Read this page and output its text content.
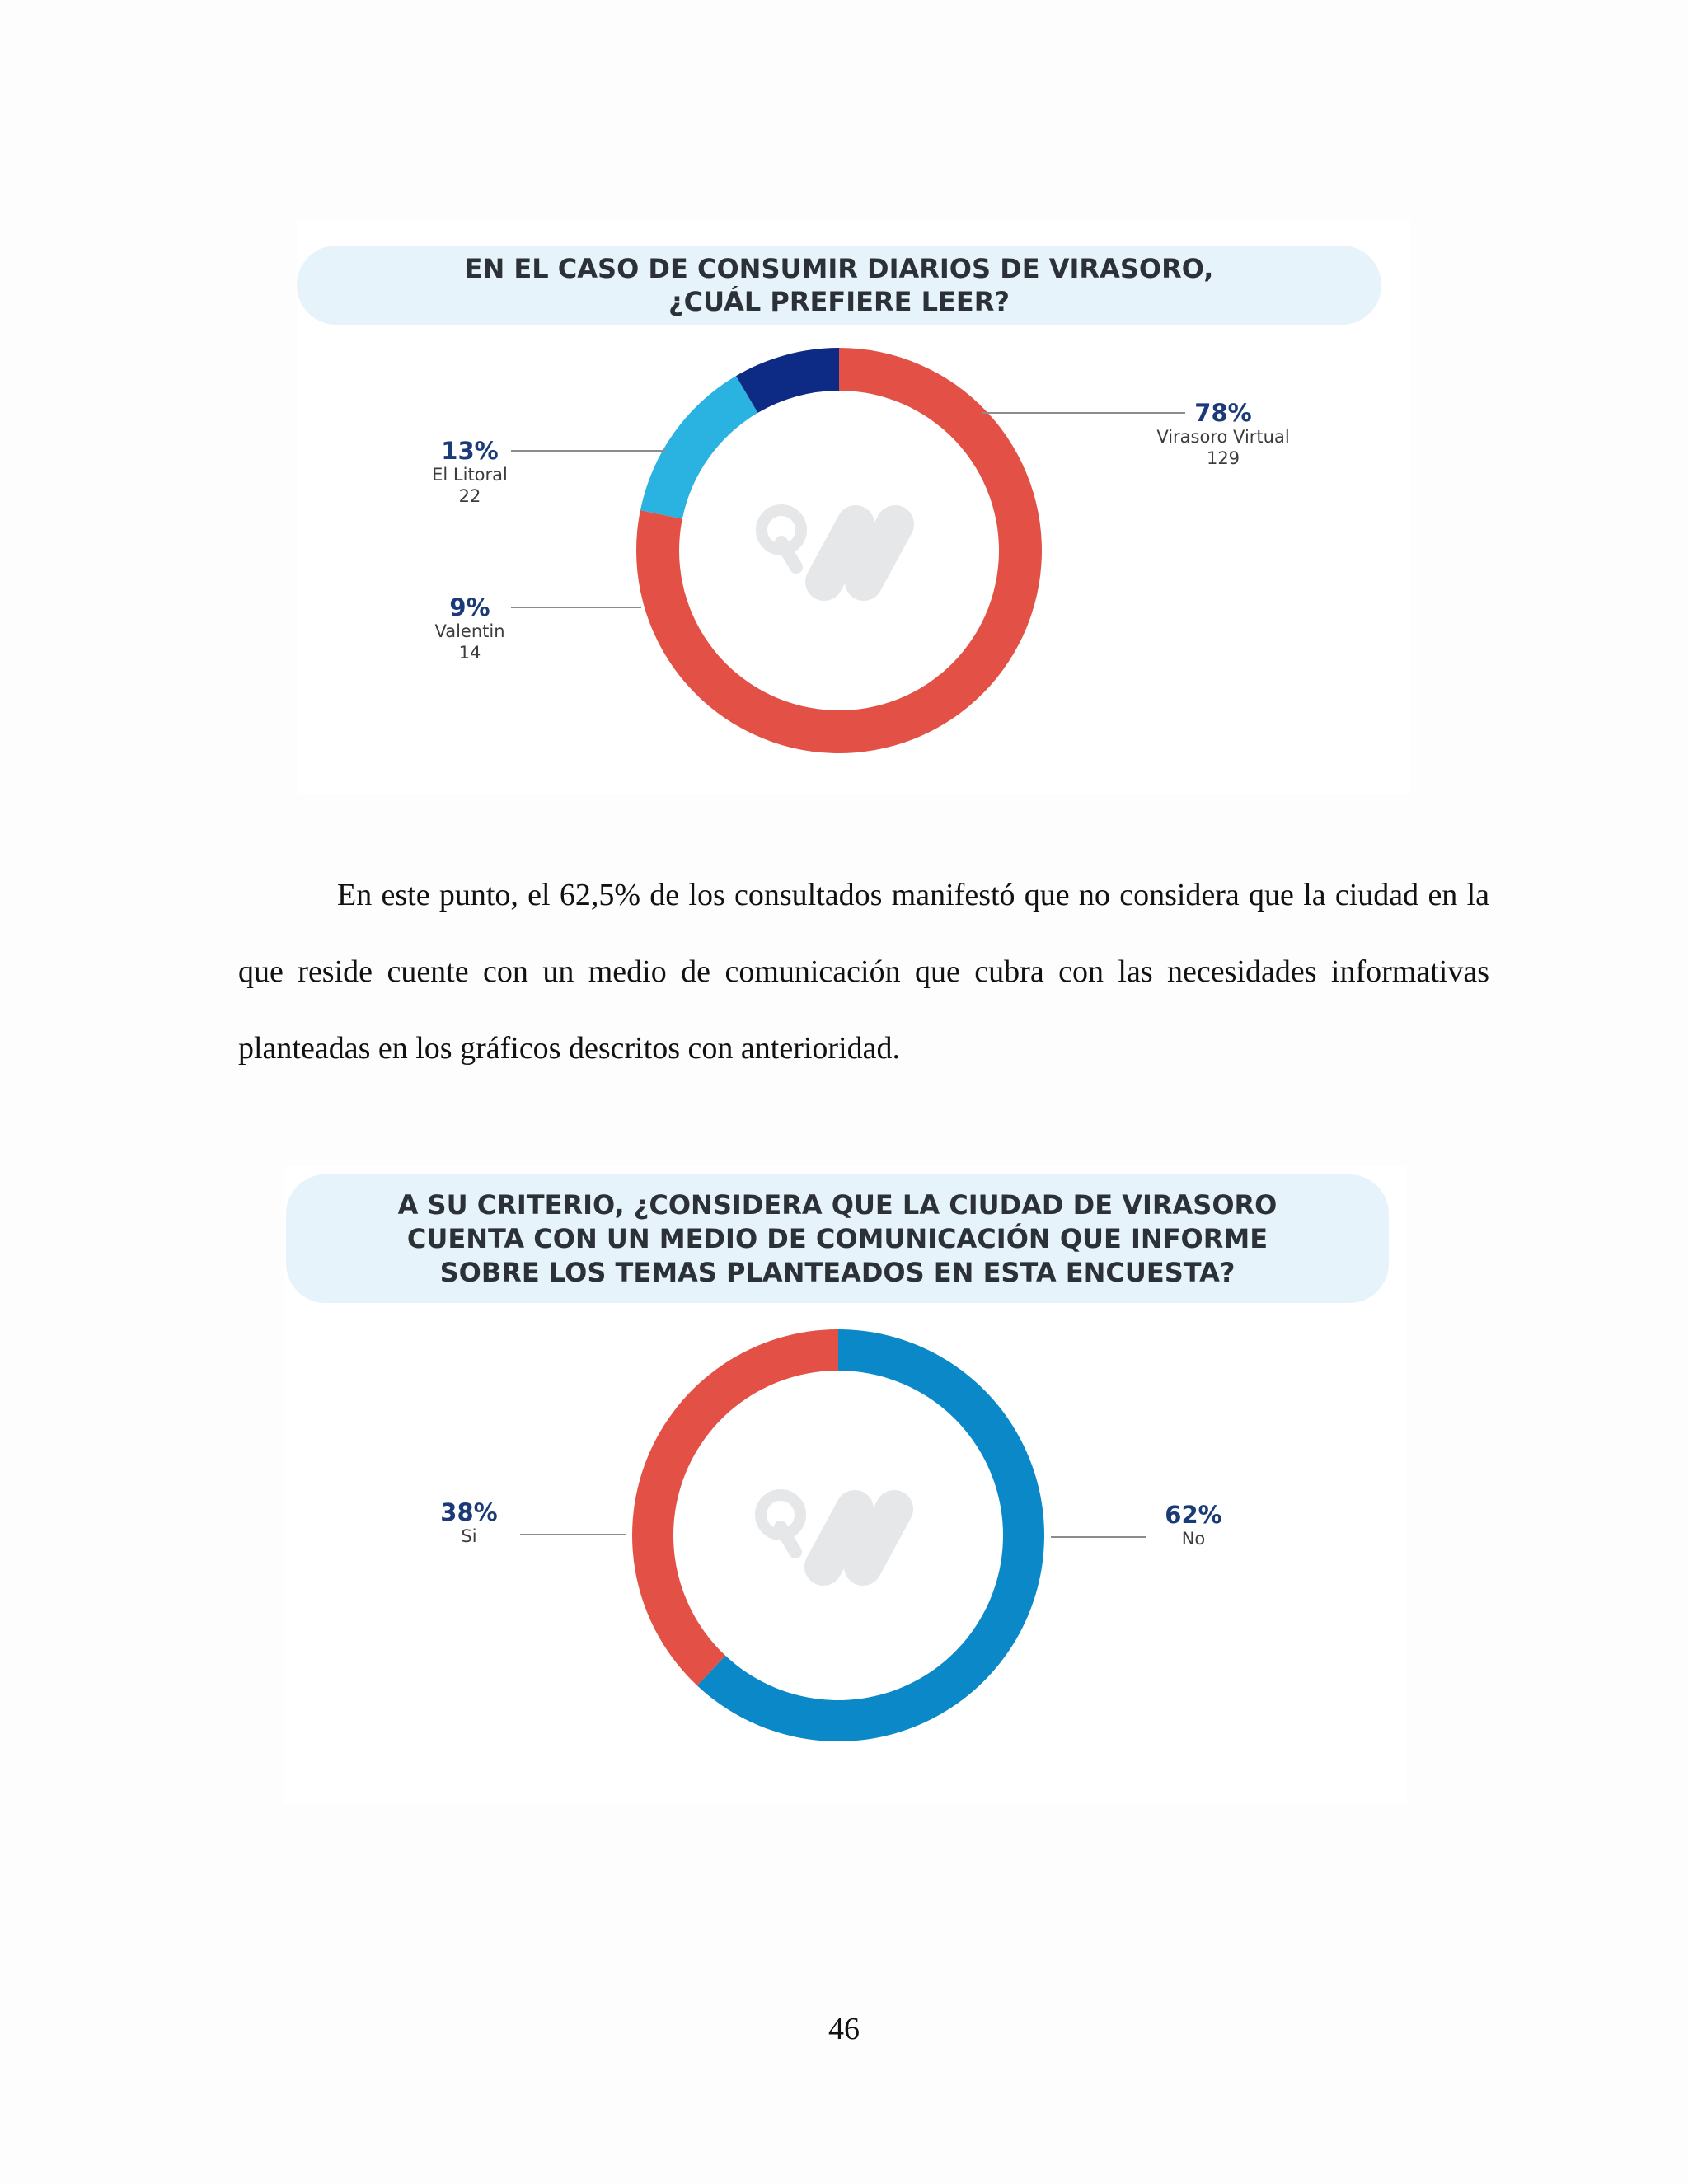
EN EL CASO DE CONSUMIR DIARIOS DE VIRASORO,
¿CUÁL PREFIERE LEER?
78%
Virasoro Virtual
129
13%
El Litoral
22
9%
Valentin
14

En este punto, el 62,5% de los consultados manifestó que no considera que la ciudad en la que reside cuente con un medio de comunicación que cubra con las necesidades informativas planteadas en los gráficos descritos con anterioridad.

A SU CRITERIO, ¿CONSIDERA QUE LA CIUDAD DE VIRASORO
CUENTA CON UN MEDIO DE COMUNICACIÓN QUE INFORME
SOBRE LOS TEMAS PLANTEADOS EN ESTA ENCUESTA?
62%
No
38%
Si
46
